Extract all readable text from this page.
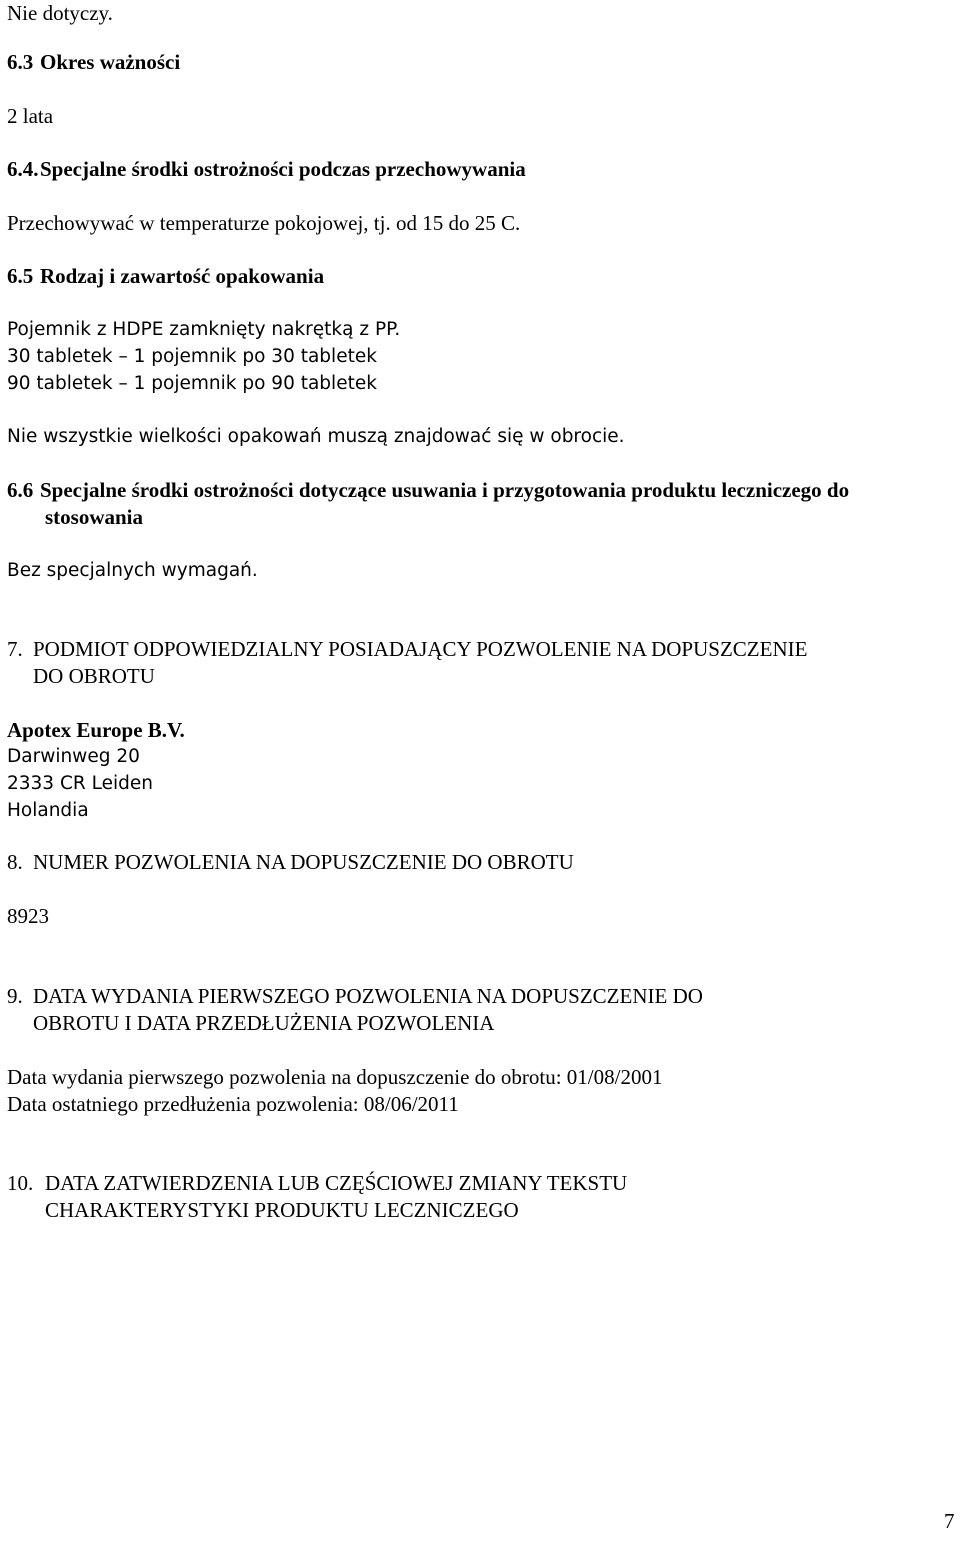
Nie dotyczy.
6.3 Okres ważności
2 lata
6.4.Specjalne środki ostrożności podczas przechowywania
Przechowywać w temperaturze pokojowej, tj. od 15 do 25 C.
6.5 Rodzaj i zawartość opakowania
Pojemnik z HDPE zamknięty nakrętką z PP.
30 tabletek – 1 pojemnik po 30 tabletek
90 tabletek – 1 pojemnik po 90 tabletek
Nie wszystkie wielkości opakowań muszą znajdować się w obrocie.
6.6 Specjalne środki ostrożności dotyczące usuwania i przygotowania produktu leczniczego do
stosowania
Bez specjalnych wymagań.
7. PODMIOT ODPOWIEDZIALNY POSIADAJĄCY POZWOLENIE NA DOPUSZCZENIE
DO OBROTU
Apotex Europe B.V.
Darwinweg 20
2333 CR Leiden
Holandia
8. NUMER POZWOLENIA NA DOPUSZCZENIE DO OBROTU
8923
9. DATA WYDANIA PIERWSZEGO POZWOLENIA NA DOPUSZCZENIE DO
OBROTU I DATA PRZEDŁUŻENIA POZWOLENIA
Data wydania pierwszego pozwolenia na dopuszczenie do obrotu: 01/08/2001
Data ostatniego przedłużenia pozwolenia: 08/06/2011
10. DATA ZATWIERDZENIA LUB CZĘŚCIOWEJ ZMIANY TEKSTU
CHARAKTERYSTYKI PRODUKTU LECZNICZEGO
7
